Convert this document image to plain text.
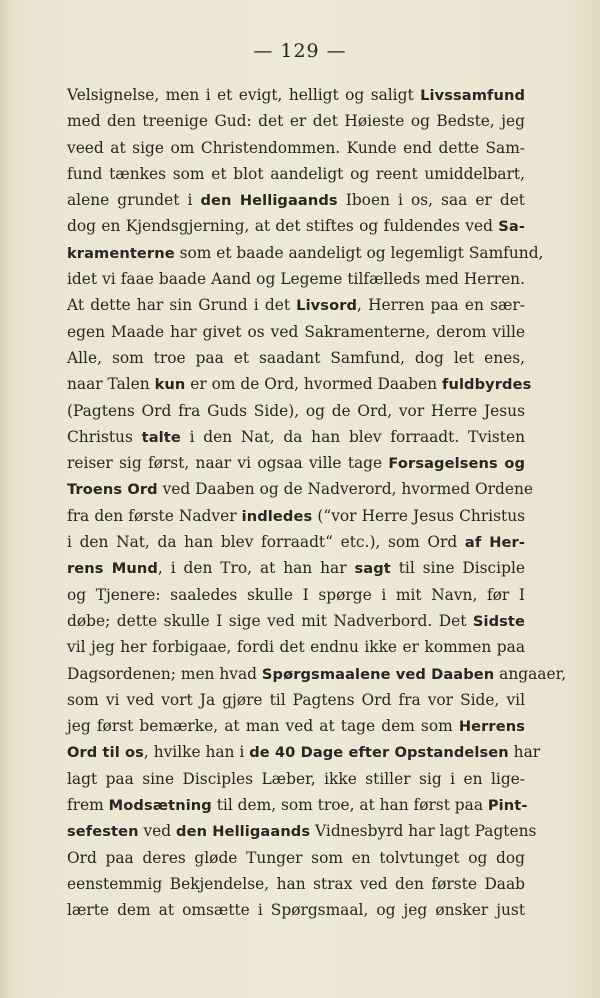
— 129 —
Velsignelse, men i et evigt, helligt og saligt Livssamfund
med den treenige Gud: det er det Høieste og Bedste, jeg
veed at sige om Christendommen. Kunde end dette Sam-
fund tænkes som et blot aandeligt og reent umiddelbart,
alene grundet i den Helligaands Iboen i os, saa er det
dog en Kjendsgjerning, at det stiftes og fuldendes ved Sa-
kramenterne som et baade aandeligt og legemligt Samfund,
idet vi faae baade Aand og Legeme tilfælleds med Herren.
At dette har sin Grund i det Livsord, Herren paa en sær-
egen Maade har givet os ved Sakramenterne, derom ville
Alle, som troe paa et saadant Samfund, dog let enes,
naar Talen kun er om de Ord, hvormed Daaben fuldbyrdes
(Pagtens Ord fra Guds Side), og de Ord, vor Herre Jesus
Christus talte i den Nat, da han blev forraadt. Tvisten
reiser sig først, naar vi ogsaa ville tage Forsagelsens og
Troens Ord ved Daaben og de Nadverord, hvormed Ordene
fra den første Nadver indledes (“vor Herre Jesus Christus
i den Nat, da han blev forraadt“ etc.), som Ord af Her-
rens Mund, i den Tro, at han har sagt til sine Disciple
og Tjenere: saaledes skulle I spørge i mit Navn, før I
døbe; dette skulle I sige ved mit Nadverbord. Det Sidste
vil jeg her forbigaae, fordi det endnu ikke er kommen paa
Dagsordenen; men hvad Spørgsmaalene ved Daaben angaaer,
som vi ved vort Ja gjøre til Pagtens Ord fra vor Side, vil
jeg først bemærke, at man ved at tage dem som Herrens
Ord til os, hvilke han i de 40 Dage efter Opstandelsen har
lagt paa sine Disciples Læber, ikke stiller sig i en lige-
frem Modsætning til dem, som troe, at han først paa Pint-
sefesten ved den Helligaands Vidnesbyrd har lagt Pagtens
Ord paa deres gløde Tunger som en tolvtunget og dog
eenstemmig Bekjendelse, han strax ved den første Daab
lærte dem at omsætte i Spørgsmaal, og jeg ønsker just
